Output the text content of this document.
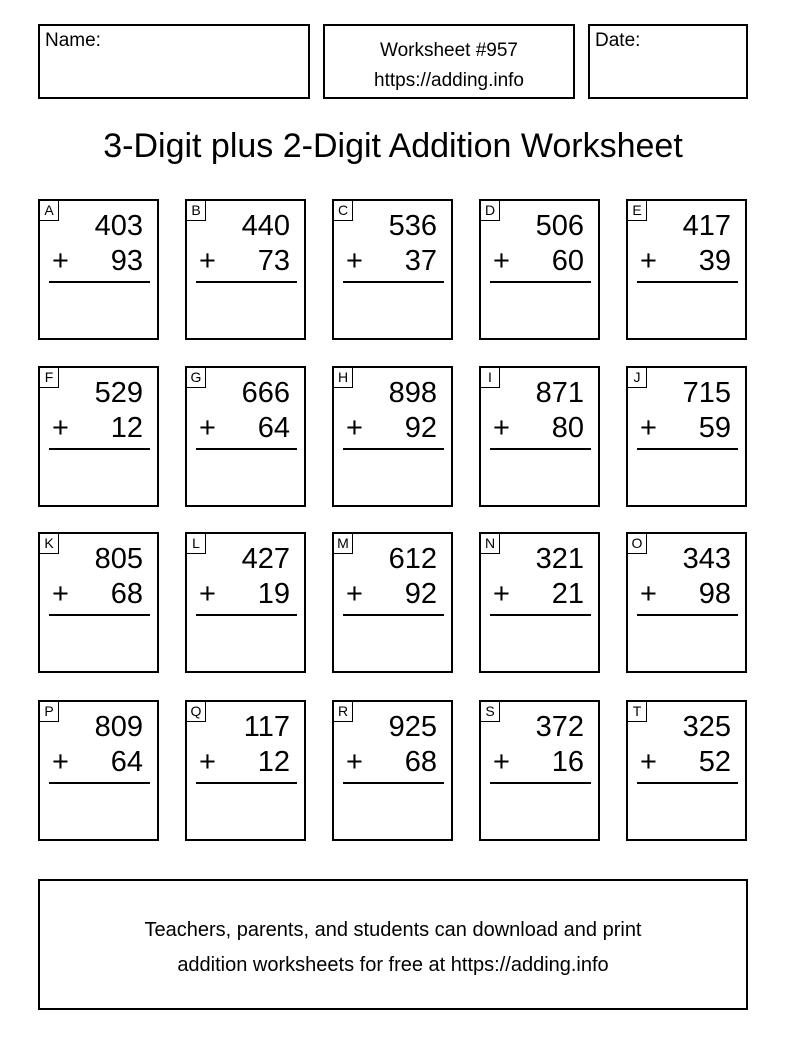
Name:	Worksheet #957
https://adding.info
Date:
3-Digit plus 2-Digit Addition Worksheet
A 403
+ 93
B 440
+ 73
C 536
+ 37
D 506
+ 60
E 417
+ 39
F 529
+ 12
G 666
+ 64
H 898
+ 92
I 871
+ 80
J 715
+ 59
K 805
+ 68
L 427
+ 19
M 612
+ 92
N 321
+ 21
O 343
+ 98
P 809
+ 64
Q 117
+ 12
R 925
+ 68
S 372
+ 16
T 325
+ 52
Teachers, parents, and students can download and print
addition worksheets for free at https://adding.info
